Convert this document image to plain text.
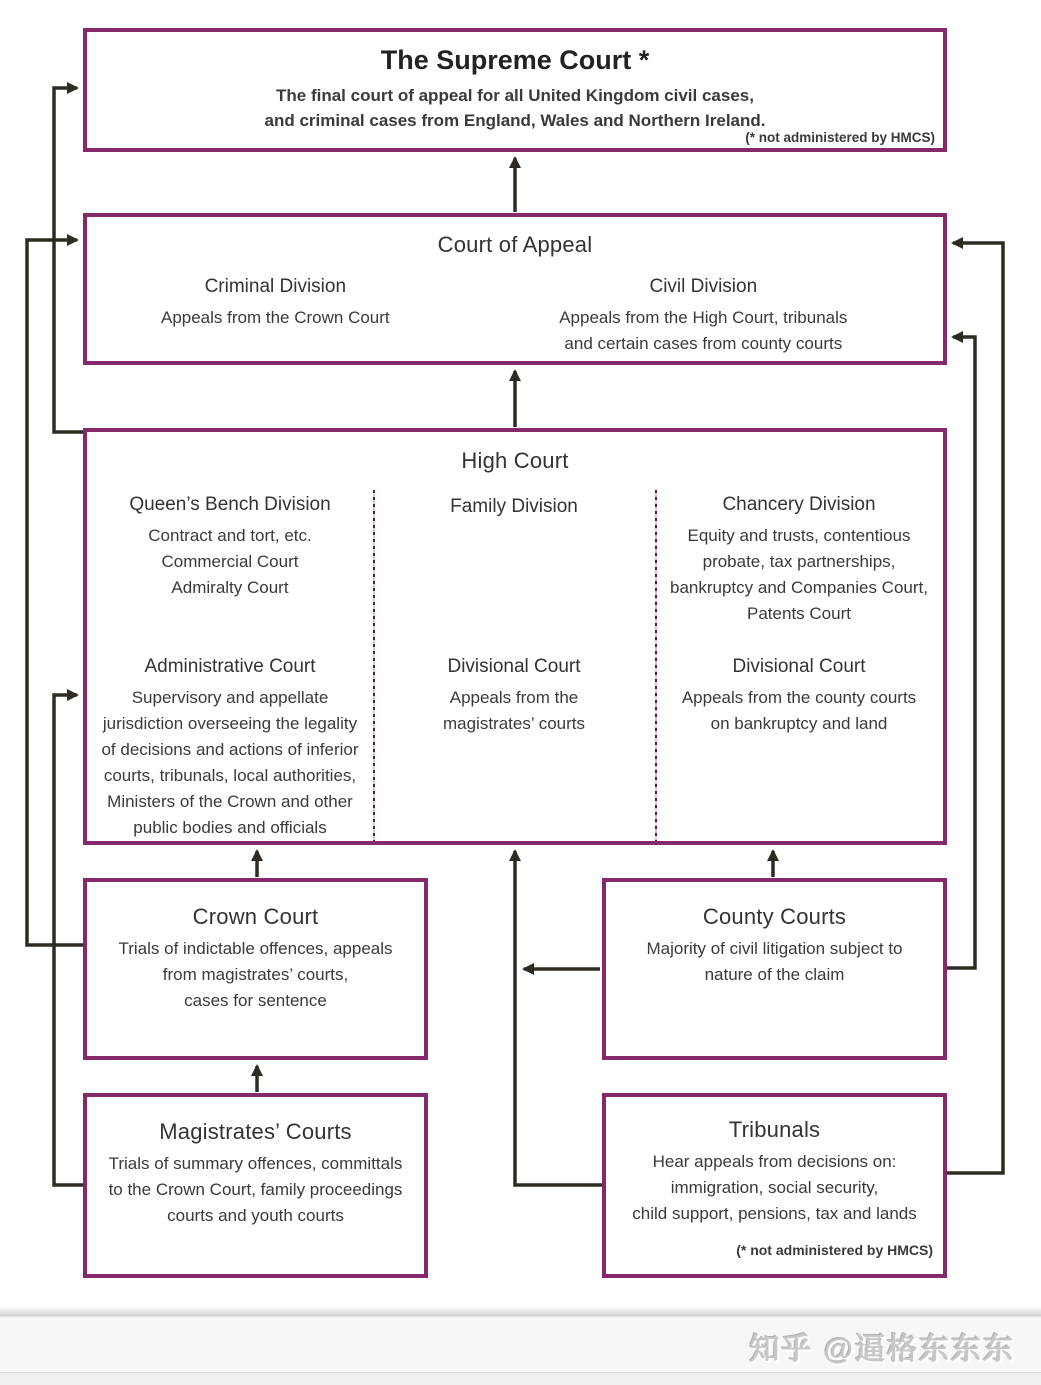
The Supreme Court *
The final court of appeal for all United Kingdom civil cases,
and criminal cases from England, Wales and Northern Ireland.
(* not administered by HMCS)
Court of Appeal
Criminal Division
Appeals from the Crown Court
Civil Division
Appeals from the High Court, tribunals
and certain cases from county courts
High Court
Queen’s Bench Division
Contract and tort, etc.
Commercial Court
Admiralty Court
Administrative Court
Supervisory and appellate
jurisdiction overseeing the legality
of decisions and actions of inferior
courts, tribunals, local authorities,
Ministers of the Crown and other
public bodies and officials
Family Division
Divisional Court
Appeals from the
magistrates’ courts
Chancery Division
Equity and trusts, contentious
probate, tax partnerships,
bankruptcy and Companies Court,
Patents Court
Divisional Court
Appeals from the county courts
on bankruptcy and land
Crown Court
Trials of indictable offences, appeals
from magistrates’ courts,
cases for sentence
County Courts
Majority of civil litigation subject to
nature of the claim
Magistrates’ Courts
Trials of summary offences, committals
to the Crown Court, family proceedings
courts and youth courts
Tribunals
Hear appeals from decisions on:
immigration, social security,
child support, pensions, tax and lands
(* not administered by HMCS)
知乎 @逼格东东东
